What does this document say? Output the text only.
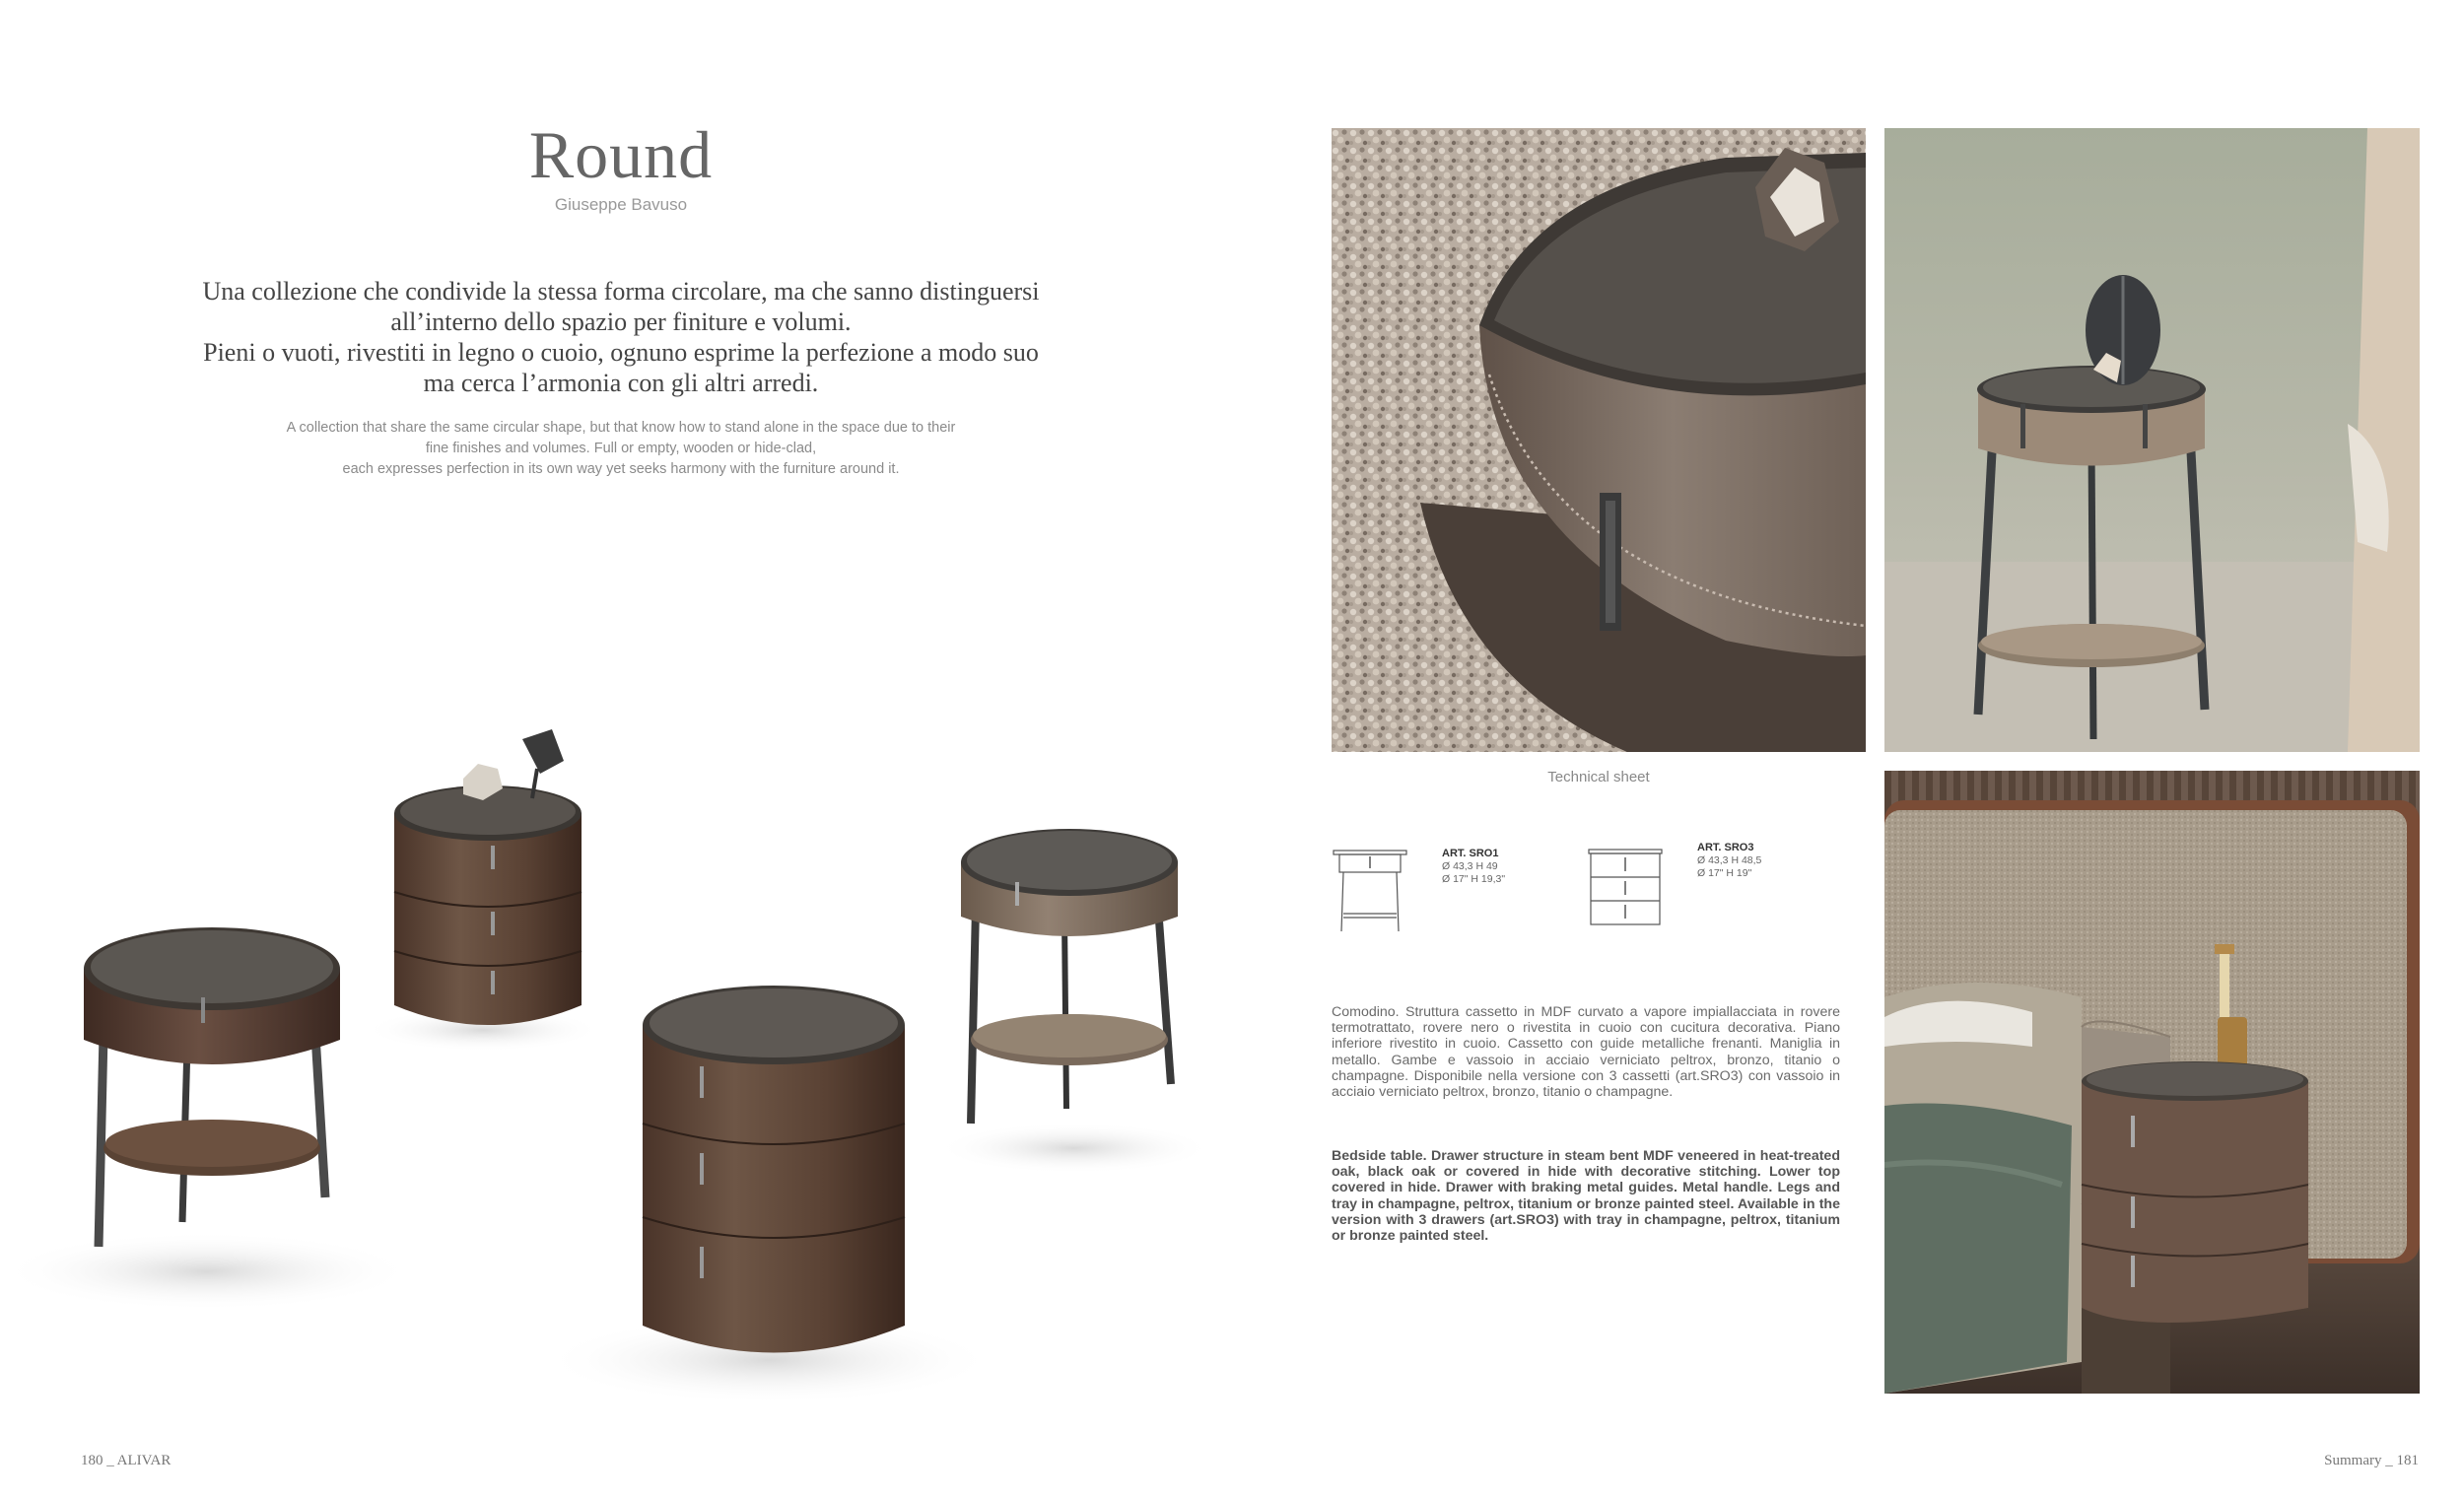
Round
Giuseppe Bavuso
Una collezione che condivide la stessa forma circolare, ma che sanno distinguersi
all’interno dello spazio per finiture e volumi.
Pieni o vuoti, rivestiti in legno o cuoio, ognuno esprime la perfezione a modo suo
ma cerca l’armonia con gli altri arredi.
A collection that share the same circular shape, but that know how to stand alone in the space due to their
fine finishes and volumes. Full or empty, wooden or hide-clad,
each expresses perfection in its own way yet seeks harmony with the furniture around it.
Technical sheet
ART. SRO1
Ø 43,3 H 49
Ø 17" H 19,3"
ART. SRO3
Ø 43,3 H 48,5
Ø 17" H 19"
Comodino. Struttura cassetto in MDF curvato a vapore impiallacciata in rovere termotrattato, rovere nero o rivestita in cuoio con cucitura decorativa. Piano inferiore rivestito in cuoio. Cassetto con guide metalliche frenanti. Maniglia in metallo. Gambe e vassoio in acciaio verniciato peltrox, bronzo, titanio o champagne. Disponibile nella versione con 3 cassetti (art.SRO3) con vassoio in acciaio verniciato peltrox, bronzo, titanio o champagne.
Bedside table. Drawer structure in steam bent MDF veneered in heat-treated oak, black oak or covered in hide with decorative stitching. Lower top covered in hide. Drawer with braking metal guides. Metal handle. Legs and tray in champagne, peltrox, titanium or bronze painted steel. Available in the version with 3 drawers (art.SRO3) with tray in champagne, peltrox, titanium or bronze painted steel.
180 _ ALIVAR	Summary _ 181
